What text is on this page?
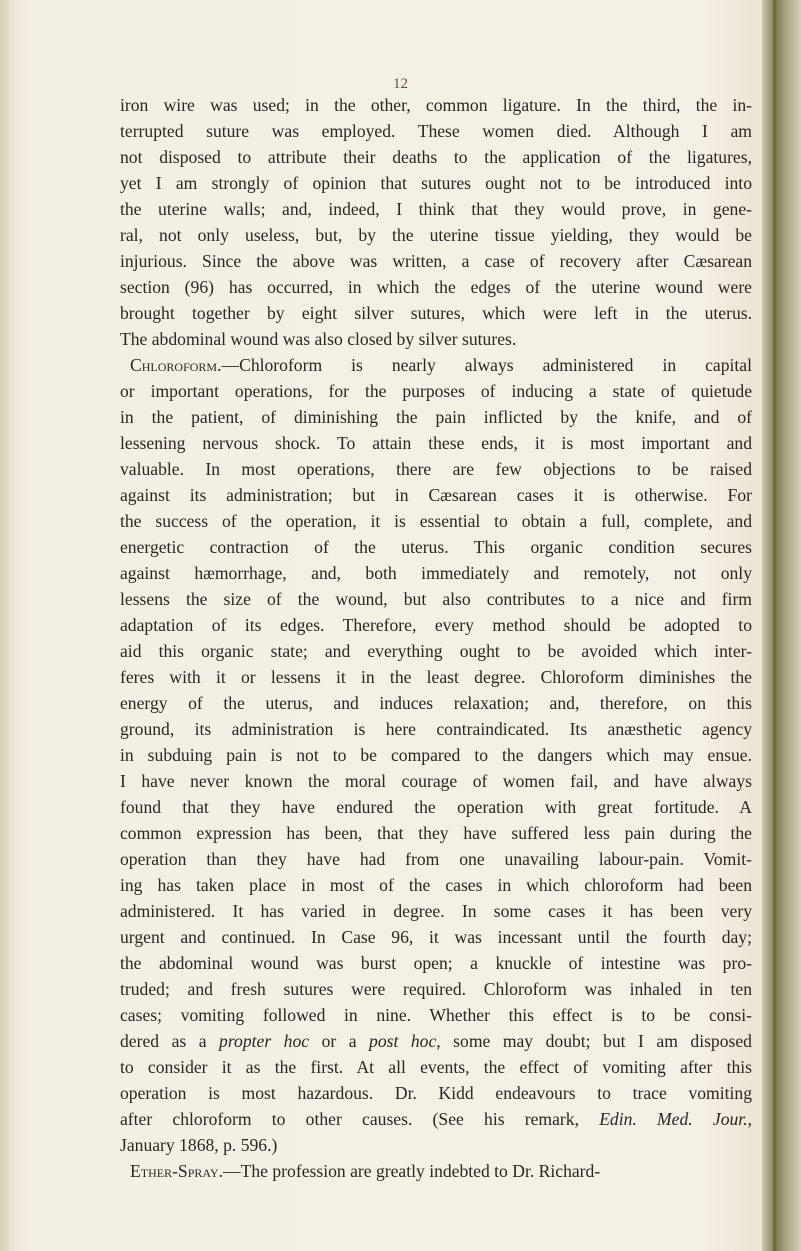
12
iron wire was used; in the other, common ligature. In the third, the in-
terrupted suture was employed. These women died. Although I am
not disposed to attribute their deaths to the application of the ligatures,
yet I am strongly of opinion that sutures ought not to be introduced into
the uterine walls; and, indeed, I think that they would prove, in gene-
ral, not only useless, but, by the uterine tissue yielding, they would be
injurious. Since the above was written, a case of recovery after Cæsarean
section (96) has occurred, in which the edges of the uterine wound were
brought together by eight silver sutures, which were left in the uterus.
The abdominal wound was also closed by silver sutures.
Chloroform.—Chloroform is nearly always administered in capital
or important operations, for the purposes of inducing a state of quietude
in the patient, of diminishing the pain inflicted by the knife, and of
lessening nervous shock. To attain these ends, it is most important and
valuable. In most operations, there are few objections to be raised
against its administration; but in Cæsarean cases it is otherwise. For
the success of the operation, it is essential to obtain a full, complete, and
energetic contraction of the uterus. This organic condition secures
against hæmorrhage, and, both immediately and remotely, not only
lessens the size of the wound, but also contributes to a nice and firm
adaptation of its edges. Therefore, every method should be adopted to
aid this organic state; and everything ought to be avoided which inter-
feres with it or lessens it in the least degree. Chloroform diminishes the
energy of the uterus, and induces relaxation; and, therefore, on this
ground, its administration is here contraindicated. Its anæsthetic agency
in subduing pain is not to be compared to the dangers which may ensue.
I have never known the moral courage of women fail, and have always
found that they have endured the operation with great fortitude. A
common expression has been, that they have suffered less pain during the
operation than they have had from one unavailing labour-pain. Vomit-
ing has taken place in most of the cases in which chloroform had been
administered. It has varied in degree. In some cases it has been very
urgent and continued. In Case 96, it was incessant until the fourth day;
the abdominal wound was burst open; a knuckle of intestine was pro-
truded; and fresh sutures were required. Chloroform was inhaled in ten
cases; vomiting followed in nine. Whether this effect is to be consi-
dered as a propter hoc or a post hoc, some may doubt; but I am disposed
to consider it as the first. At all events, the effect of vomiting after this
operation is most hazardous. Dr. Kidd endeavours to trace vomiting
after chloroform to other causes. (See his remark, Edin. Med. Jour.,
January 1868, p. 596.)
Ether-Spray.—The profession are greatly indebted to Dr. Richard-
